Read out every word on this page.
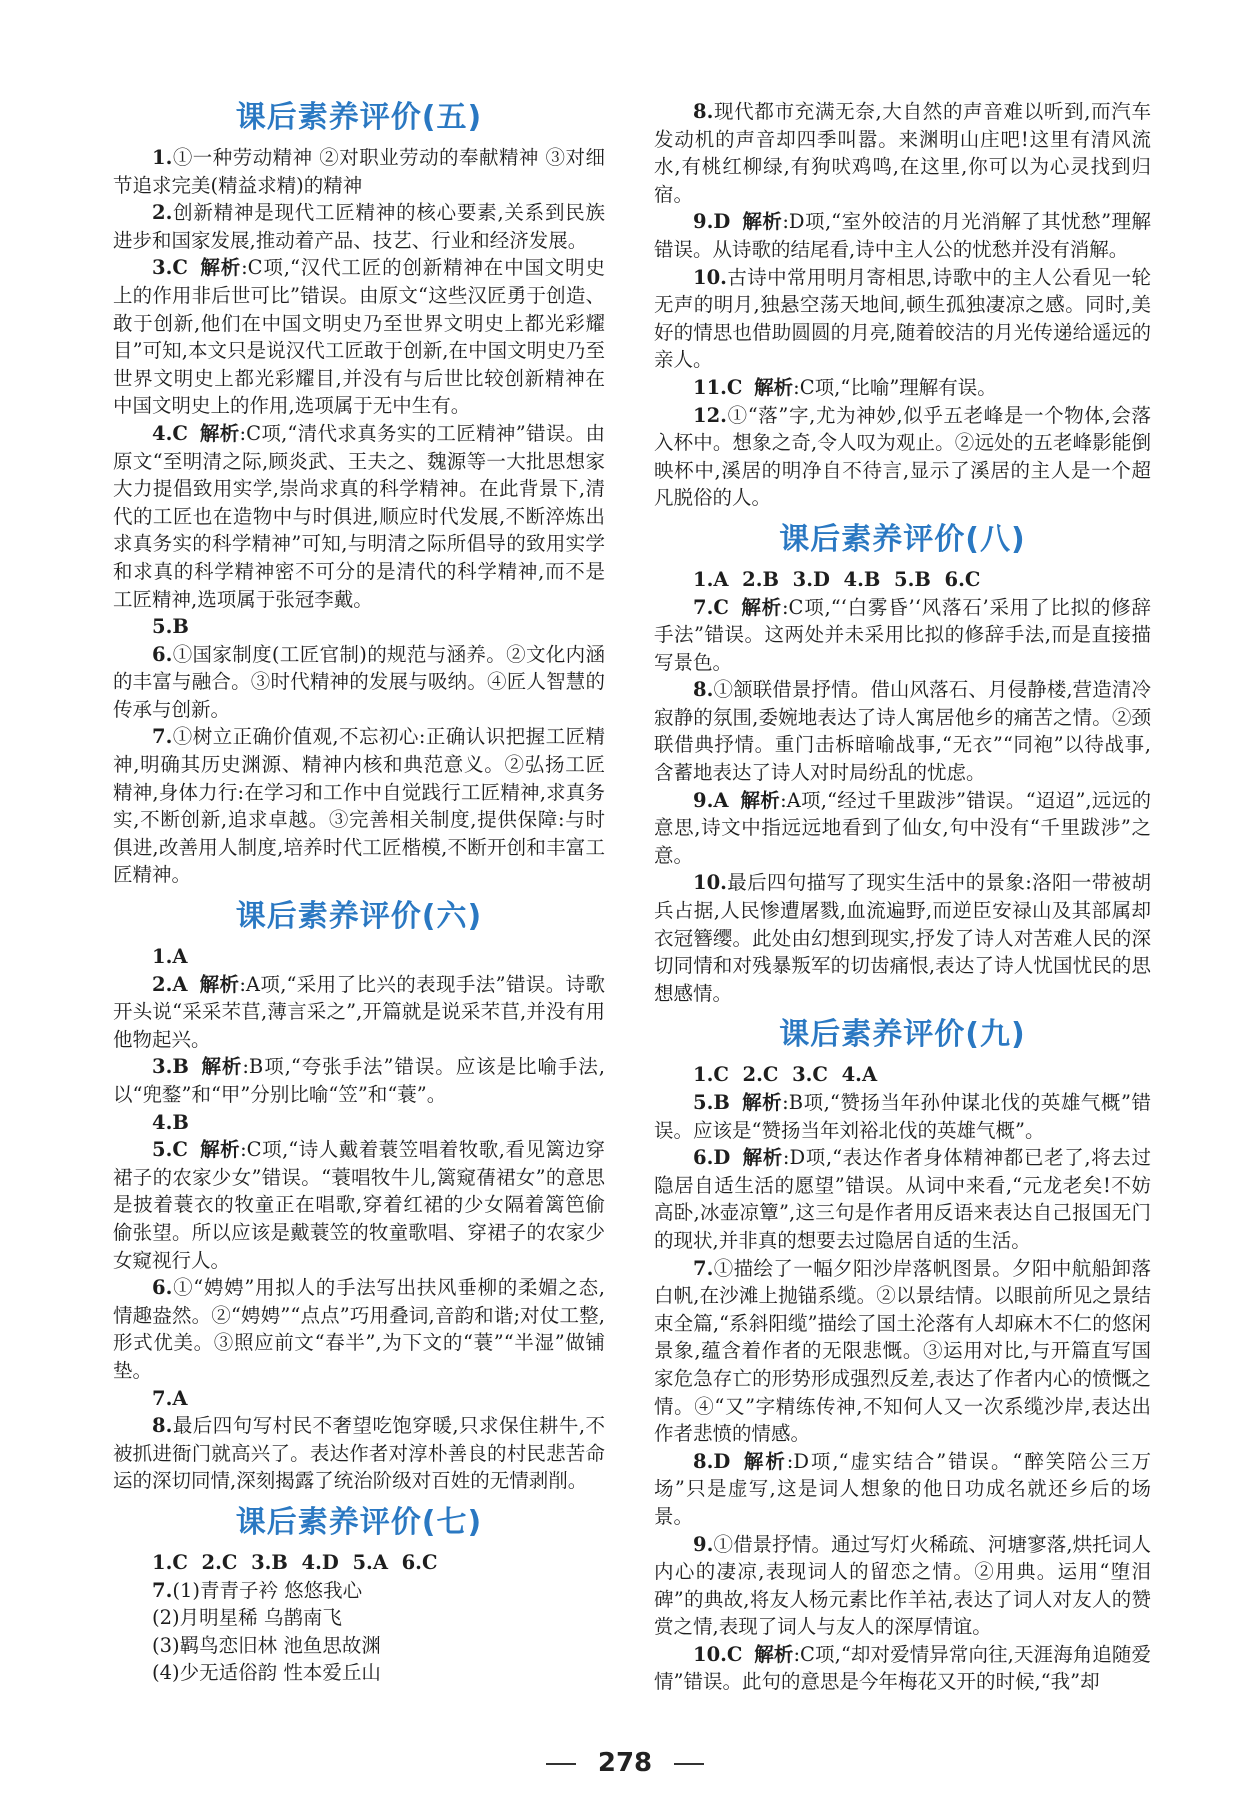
课后素养评价(五)

1.①一种劳动精神 ②对职业劳动的奉献精神 ③对细节追求完美(精益求精)的精神

2.创新精神是现代工匠精神的核心要素,关系到民族进步和国家发展,推动着产品、技艺、行业和经济发展。

3.C 解析:C项,“汉代工匠的创新精神在中国文明史上的作用非后世可比”错误。由原文“这些汉匠勇于创造、敢于创新,他们在中国文明史乃至世界文明史上都光彩耀目”可知,本文只是说汉代工匠敢于创新,在中国文明史乃至世界文明史上都光彩耀目,并没有与后世比较创新精神在中国文明史上的作用,选项属于无中生有。

4.C 解析:C项,“清代求真务实的工匠精神”错误。由原文“至明清之际,顾炎武、王夫之、魏源等一大批思想家大力提倡致用实学,崇尚求真的科学精神。在此背景下,清代的工匠也在造物中与时俱进,顺应时代发展,不断淬炼出求真务实的科学精神”可知,与明清之际所倡导的致用实学和求真的科学精神密不可分的是清代的科学精神,而不是工匠精神,选项属于张冠李戴。

5.B

6.①国家制度(工匠官制)的规范与涵养。②文化内涵的丰富与融合。③时代精神的发展与吸纳。④匠人智慧的传承与创新。

7.①树立正确价值观,不忘初心:正确认识把握工匠精神,明确其历史渊源、精神内核和典范意义。②弘扬工匠精神,身体力行:在学习和工作中自觉践行工匠精神,求真务实,不断创新,追求卓越。③完善相关制度,提供保障:与时俱进,改善用人制度,培养时代工匠楷模,不断开创和丰富工匠精神。

课后素养评价(六)

1.A

2.A 解析:A项,“采用了比兴的表现手法”错误。诗歌开头说“采采芣苢,薄言采之”,开篇就是说采芣苢,并没有用他物起兴。

3.B 解析:B项,“夸张手法”错误。应该是比喻手法,以“兜鍪”和“甲”分别比喻“笠”和“蓑”。

4.B

5.C 解析:C项,“诗人戴着蓑笠唱着牧歌,看见篱边穿裙子的农家少女”错误。“蓑唱牧牛儿,篱窥蒨裙女”的意思是披着蓑衣的牧童正在唱歌,穿着红裙的少女隔着篱笆偷偷张望。所以应该是戴蓑笠的牧童歌唱、穿裙子的农家少女窥视行人。

6.①“娉娉”用拟人的手法写出扶风垂柳的柔媚之态,情趣盎然。②“娉娉”“点点”巧用叠词,音韵和谐;对仗工整,形式优美。③照应前文“春半”,为下文的“蓑”“半湿”做铺垫。

7.A

8.最后四句写村民不奢望吃饱穿暖,只求保住耕牛,不被抓进衙门就高兴了。表达作者对淳朴善良的村民悲苦命运的深切同情,深刻揭露了统治阶级对百姓的无情剥削。

课后素养评价(七)

1.C 2.C 3.B 4.D 5.A 6.C

7.(1)青青子衿 悠悠我心

(2)月明星稀 乌鹊南飞

(3)羁鸟恋旧林 池鱼思故渊

(4)少无适俗韵 性本爱丘山

8.现代都市充满无奈,大自然的声音难以听到,而汽车发动机的声音却四季叫嚣。来渊明山庄吧!这里有清风流水,有桃红柳绿,有狗吠鸡鸣,在这里,你可以为心灵找到归宿。

9.D 解析:D项,“室外皎洁的月光消解了其忧愁”理解错误。从诗歌的结尾看,诗中主人公的忧愁并没有消解。

10.古诗中常用明月寄相思,诗歌中的主人公看见一轮无声的明月,独悬空荡天地间,顿生孤独凄凉之感。同时,美好的情思也借助圆圆的月亮,随着皎洁的月光传递给遥远的亲人。

11.C 解析:C项,“比喻”理解有误。

12.①“落”字,尤为神妙,似乎五老峰是一个物体,会落入杯中。想象之奇,令人叹为观止。②远处的五老峰影能倒映杯中,溪居的明净自不待言,显示了溪居的主人是一个超凡脱俗的人。

课后素养评价(八)

1.A 2.B 3.D 4.B 5.B 6.C

7.C 解析:C项,“‘白雾昏’‘风落石’采用了比拟的修辞手法”错误。这两处并未采用比拟的修辞手法,而是直接描写景色。

8.①颔联借景抒情。借山风落石、月侵静楼,营造清冷寂静的氛围,委婉地表达了诗人寓居他乡的痛苦之情。②颈联借典抒情。重门击柝暗喻战事,“无衣”“同袍”以待战事,含蓄地表达了诗人对时局纷乱的忧虑。

9.A 解析:A项,“经过千里跋涉”错误。“迢迢”,远远的意思,诗文中指远远地看到了仙女,句中没有“千里跋涉”之意。

10.最后四句描写了现实生活中的景象:洛阳一带被胡兵占据,人民惨遭屠戮,血流遍野,而逆臣安禄山及其部属却衣冠簪缨。此处由幻想到现实,抒发了诗人对苦难人民的深切同情和对残暴叛军的切齿痛恨,表达了诗人忧国忧民的思想感情。

课后素养评价(九)

1.C 2.C 3.C 4.A

5.B 解析:B项,“赞扬当年孙仲谋北伐的英雄气概”错误。应该是“赞扬当年刘裕北伐的英雄气概”。

6.D 解析:D项,“表达作者身体精神都已老了,将去过隐居自适生活的愿望”错误。从词中来看,“元龙老矣!不妨高卧,冰壶凉簟”,这三句是作者用反语来表达自己报国无门的现状,并非真的想要去过隐居自适的生活。

7.①描绘了一幅夕阳沙岸落帆图景。夕阳中航船卸落白帆,在沙滩上抛锚系缆。②以景结情。以眼前所见之景结束全篇,“系斜阳缆”描绘了国土沦落有人却麻木不仁的悠闲景象,蕴含着作者的无限悲慨。③运用对比,与开篇直写国家危急存亡的形势形成强烈反差,表达了作者内心的愤慨之情。④“又”字精练传神,不知何人又一次系缆沙岸,表达出作者悲愤的情感。

8.D 解析:D项,“虚实结合”错误。“醉笑陪公三万场”只是虚写,这是词人想象的他日功成名就还乡后的场景。

9.①借景抒情。通过写灯火稀疏、河塘寥落,烘托词人内心的凄凉,表现词人的留恋之情。②用典。运用“堕泪碑”的典故,将友人杨元素比作羊祜,表达了词人对友人的赞赏之情,表现了词人与友人的深厚情谊。

10.C 解析:C项,“却对爱情异常向往,天涯海角追随爱情”错误。此句的意思是今年梅花又开的时候,“我”却

278
